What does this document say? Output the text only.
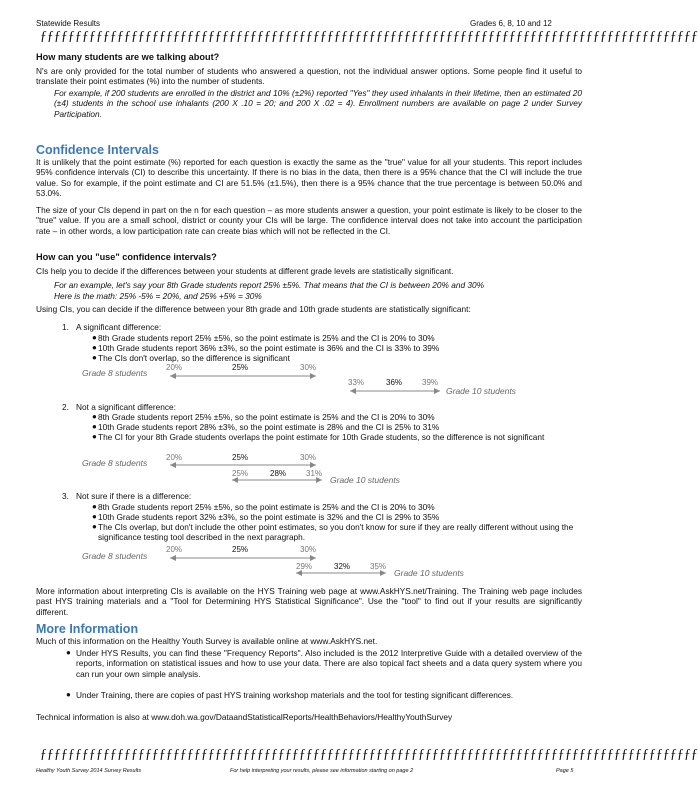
Statewide Results	Grades 6, 8, 10 and 12
ƒƒƒƒƒƒƒƒƒƒƒƒƒƒƒƒƒƒƒƒƒƒƒƒƒƒƒƒƒƒƒƒƒƒƒƒƒƒƒƒƒƒƒƒƒƒƒƒƒƒƒƒƒƒƒƒƒƒƒƒƒƒƒƒƒƒƒƒƒƒƒƒƒƒƒƒƒƒƒƒƒƒƒƒƒƒƒƒƒƒƒƒƒƒ
How many students are we talking about?

N's are only provided for the total number of students who answered a question, not the individual answer options. Some people find it useful to translate their point estimates (%) into the number of students.

For example, if 200 students are enrolled in the district and 10% (±2%) reported "Yes" they used inhalants in their lifetime, then an estimated 20 (±4) students in the school use inhalants (200 X .10 = 20; and 200 X .02 = 4). Enrollment numbers are available on page 2 under Survey Participation.

Confidence Intervals

It is unlikely that the point estimate (%) reported for each question is exactly the same as the "true" value for all your students. This report includes 95% confidence intervals (CI) to describe this uncertainty. If there is no bias in the data, then there is a 95% chance that the CI will include the true value. So for example, if the point estimate and CI are 51.5% (±1.5%), then there is a 95% chance that the true percentage is between 50.0% and 53.0%.

The size of your CIs depend in part on the n for each question – as more students answer a question, your point estimate is likely to be closer to the "true" value. If you are a small school, district or county your CIs will be large. The confidence interval does not take into account the participation rate – in other words, a low participation rate can create bias which will not be reflected in the CI.

How can you "use" confidence intervals?

CIs help you to decide if the differences between your students at different grade levels are statistically significant.

For an example, let's say your 8th Grade students report 25% ±5%. That means that the CI is between 20% and 30%

Here is the math: 25% -5% = 20%, and 25% +5% = 30%

Using CIs, you can decide if the difference between your 8th grade and 10th grade students are statistically significant:

1. A significant difference:
● 8th Grade students report 25% ±5%, so the point estimate is 25% and the CI is 20% to 30%
● 10th Grade students report 36% ±3%, so the point estimate is 36% and the CI is 33% to 39%
● The CIs don't overlap, so the difference is significant
Grade 8 students
20%	25%	30%
33%	36% 39%
Grade 10 students
2. Not a significant difference:
● 8th Grade students report 25% ±5%, so the point estimate is 25% and the CI is 20% to 30%
● 10th Grade students report 28% ±3%, so the point estimate is 28% and the CI is 25% to 31%
● The CI for your 8th Grade students overlaps the point estimate for 10th Grade students, so the difference is not significant
Grade 8 students
20%	25%	30%
25%	28% 31%
Grade 10 students
3. Not sure if there is a difference:
● 8th Grade students report 25% ±5%, so the point estimate is 25% and the CI is 20% to 30%
● 10th Grade students report 32% ±3%, so the point estimate is 32% and the CI is 29% to 35%
● The CIs overlap, but don't include the other point estimates, so you don't know for sure if they are really different without using the significance testing tool described in the next paragraph.
Grade 8 students
20%	25%	30%
29%	32% 35%
Grade 10 students

More information about interpreting CIs is available on the HYS Training web page at www.AskHYS.net/Training. The Training web page includes past HYS training materials and a "Tool for Determining HYS Statistical Significance". Use the "tool" to find out if your results are significantly different.

More Information

Much of this information on the Healthy Youth Survey is available online at www.AskHYS.net.

● Under HYS Results, you can find these "Frequency Reports". Also included is the 2012 Interpretive Guide with a detailed overview of the reports, information on statistical issues and how to use your data. There are also topical fact sheets and a data query system where you can run your own simple analysis.
● Under Training, there are copies of past HYS training workshop materials and the tool for testing significant differences.

Technical information is also at www.doh.wa.gov/DataandStatisticalReports/HealthBehaviors/HealthyYouthSurvey

ƒƒƒƒƒƒƒƒƒƒƒƒƒƒƒƒƒƒƒƒƒƒƒƒƒƒƒƒƒƒƒƒƒƒƒƒƒƒƒƒƒƒƒƒƒƒƒƒƒƒƒƒƒƒƒƒƒƒƒƒƒƒƒƒƒƒƒƒƒƒƒƒƒƒƒƒƒƒƒƒƒƒƒƒƒƒƒƒƒƒƒƒƒƒ
Healthy Youth Survey 2014 Survey Results	For help interpreting your results, please see information starting on page 2	Page 5
